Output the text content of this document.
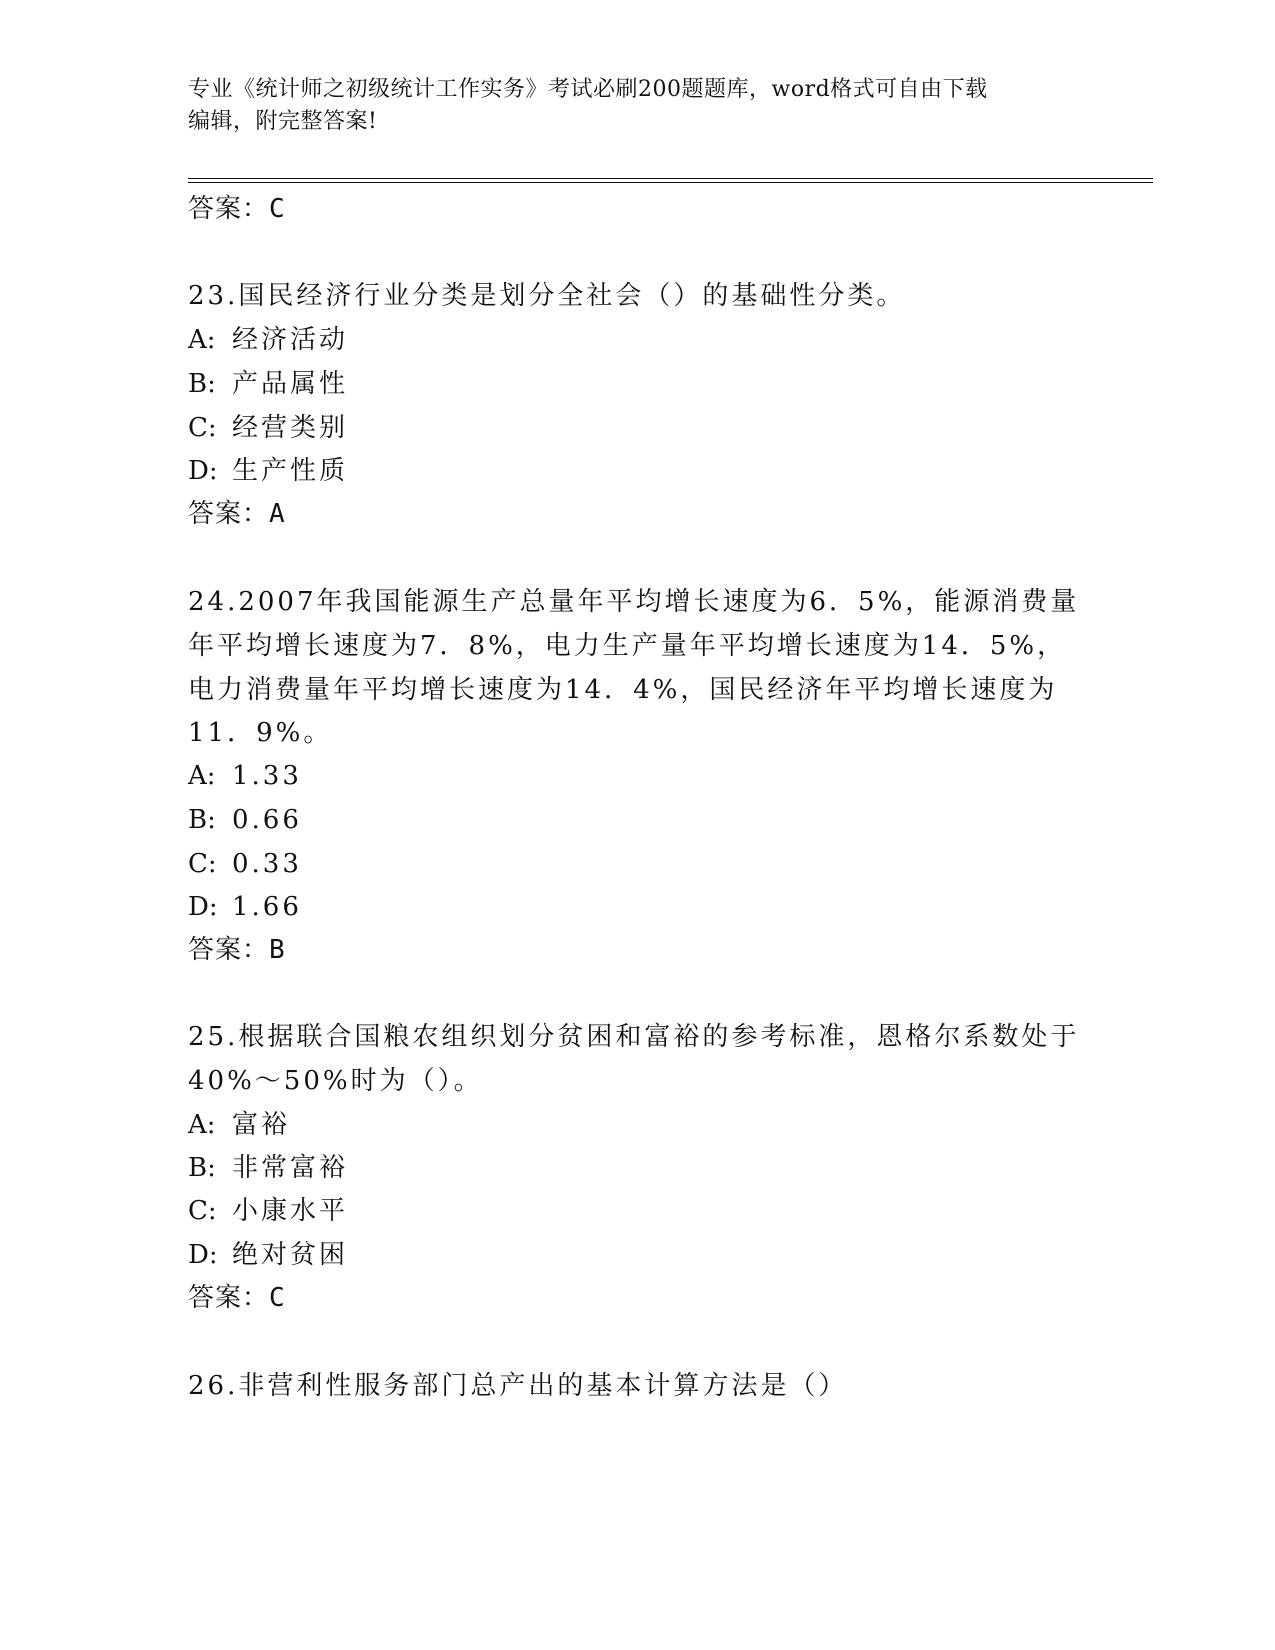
专业《统计师之初级统计工作实务》考试必刷200题题库，word格式可自由下载
编辑，附完整答案!
答案：C
23.国民经济行业分类是划分全社会（）的基础性分类。
A: 经济活动
B: 产品属性
C: 经营类别
D: 生产性质
答案：A
24.2007年我国能源生产总量年平均增长速度为6．5%，能源消费量
年平均增长速度为7．8%，电力生产量年平均增长速度为14．5%，
电力消费量年平均增长速度为14．4%，国民经济年平均增长速度为
11．9%。
A: 1.33
B: 0.66
C: 0.33
D: 1.66
答案：B
25.根据联合国粮农组织划分贫困和富裕的参考标准，恩格尔系数处于
40%～50%时为（）。
A: 富裕
B: 非常富裕
C: 小康水平
D: 绝对贫困
答案：C
26.非营利性服务部门总产出的基本计算方法是（）
